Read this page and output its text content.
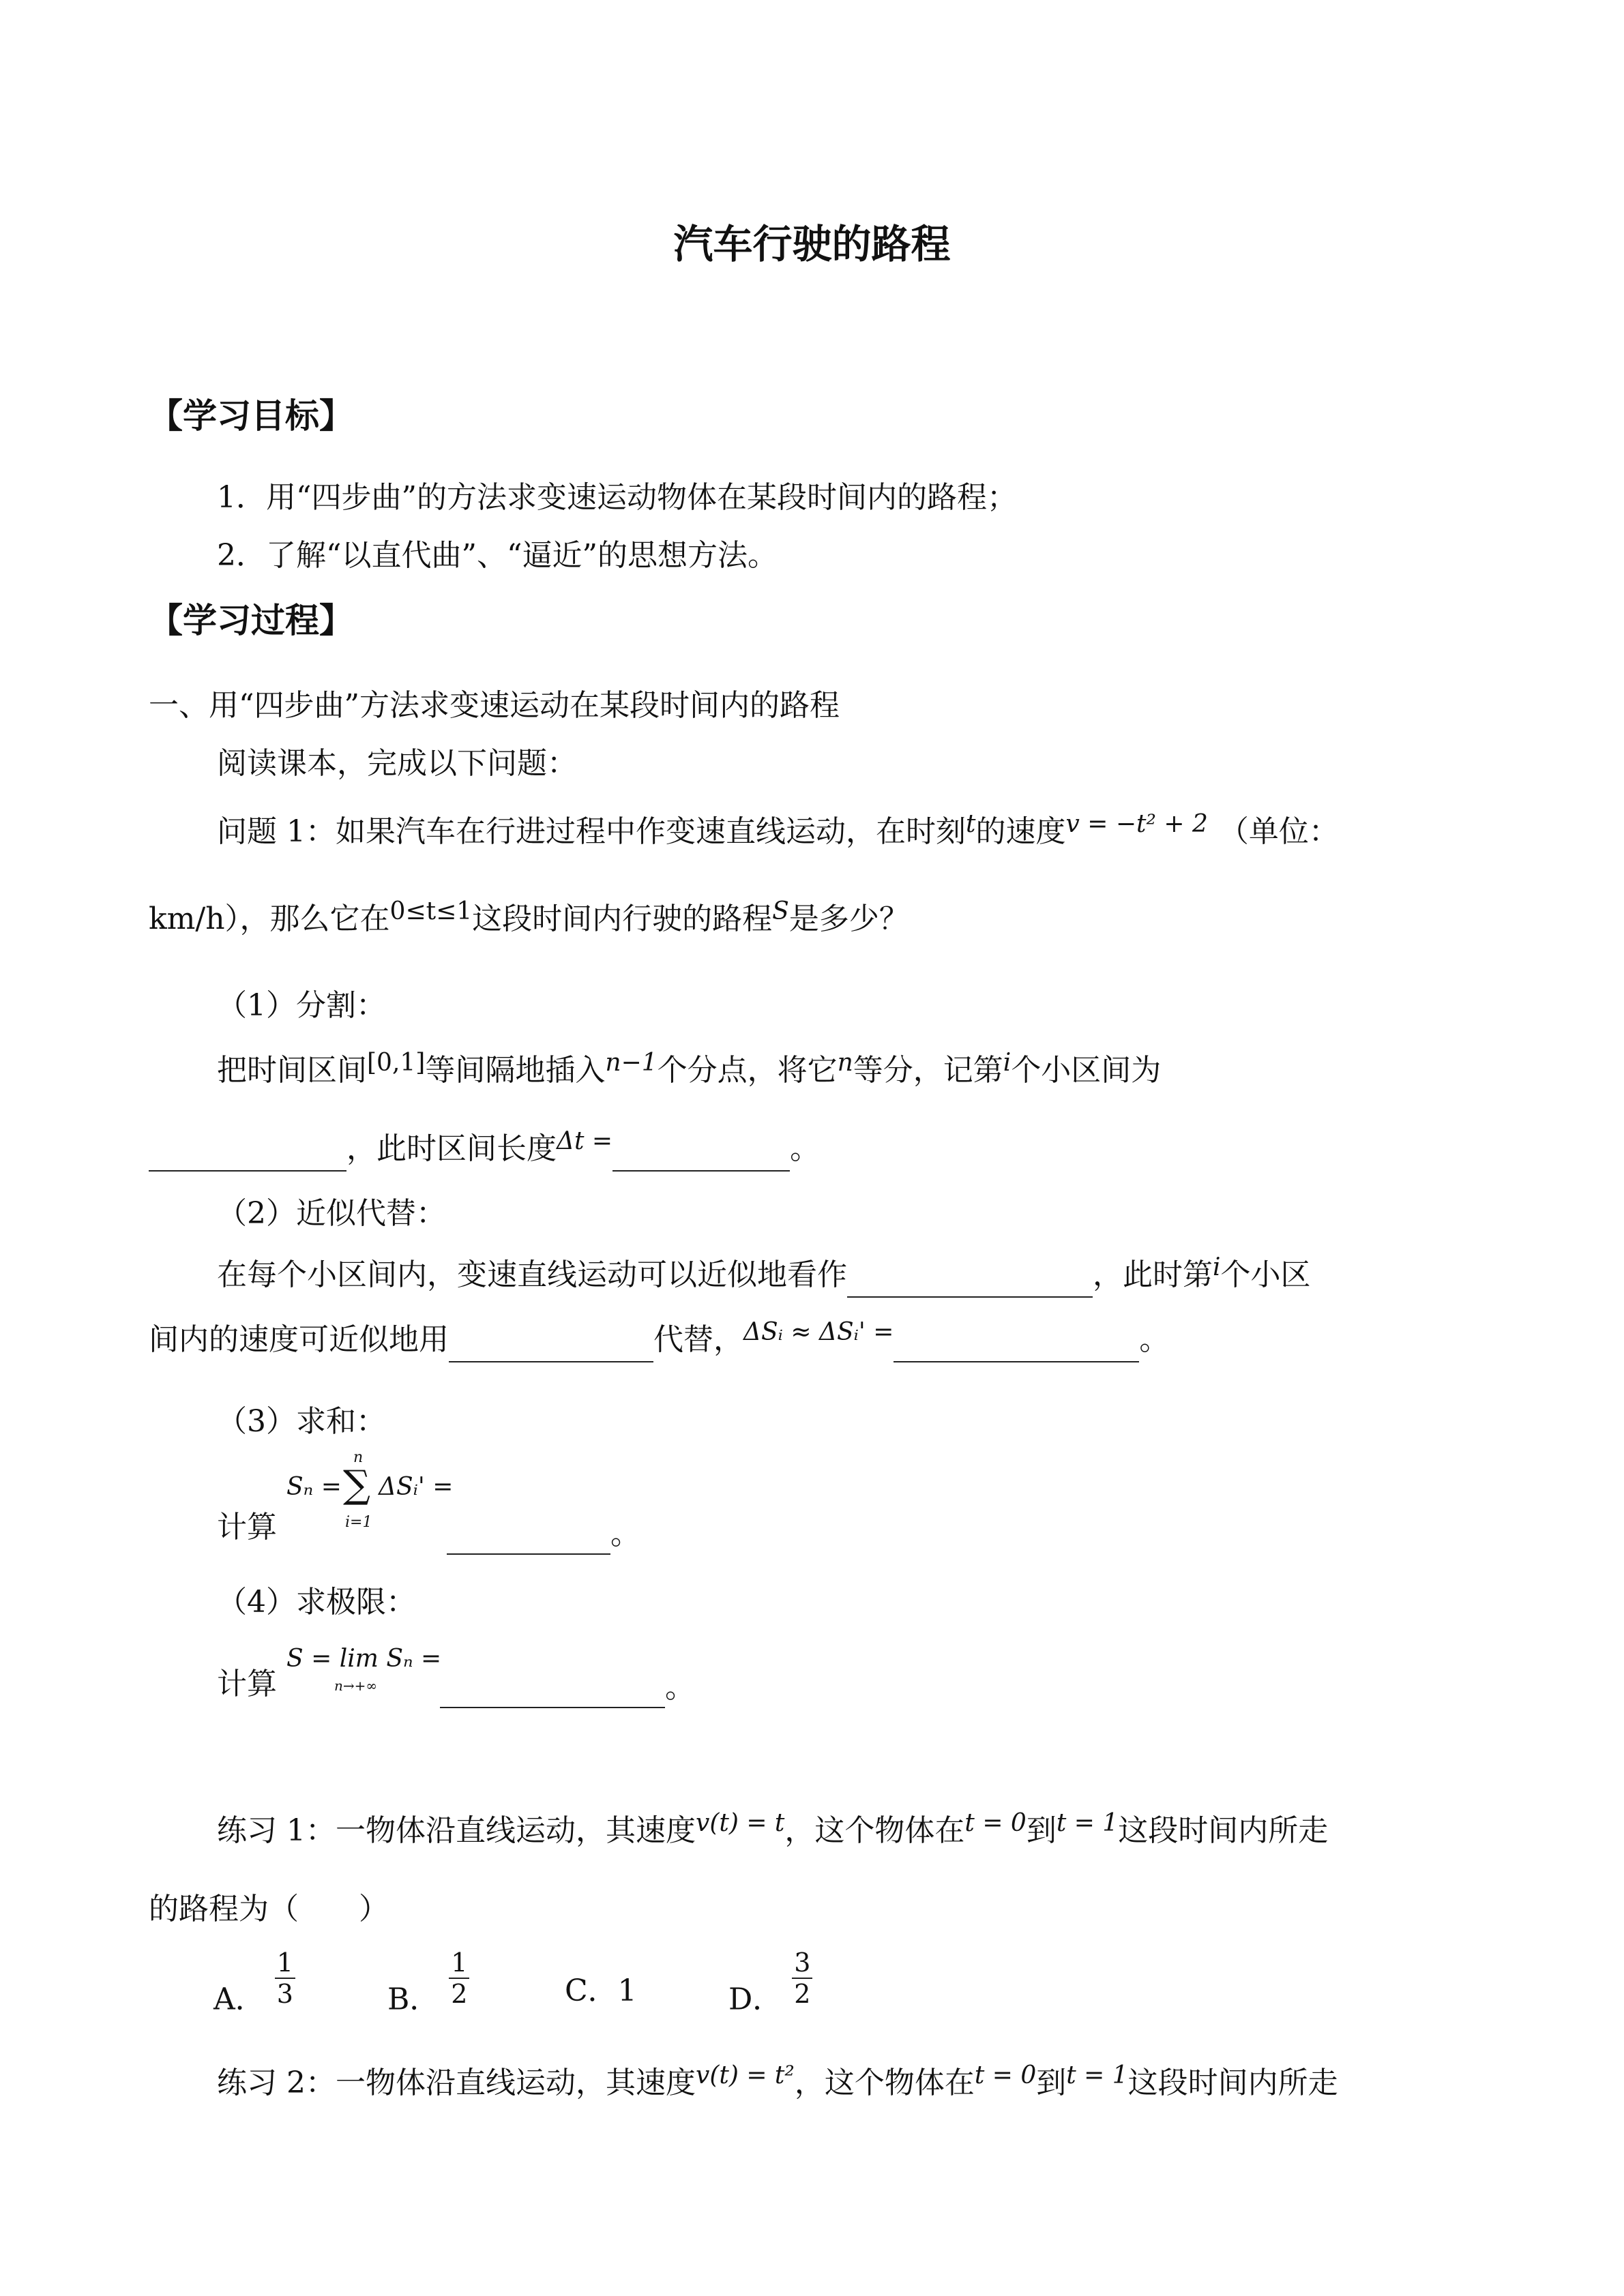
汽车行驶的路程
【学习目标】
1．用“四步曲”的方法求变速运动物体在某段时间内的路程；
2．了解“以直代曲”、“逼近”的思想方法。
【学习过程】
一、用“四步曲”方法求变速运动在某段时间内的路程
阅读课本，完成以下问题：
问题 1：如果汽车在行进过程中作变速直线运动，在时刻$^t$的速度$^{v = -t^2 + 2}$ （单位：
km/h），那么它在$^{0\le t\le 1}$这段时间内行驶的路程$^S$是多少？
（1）分割：
把时间区间[0,1]等间隔地插入$^{n-1}$个分点，将它$^n$等分，记第$^i$个小区间为
，此时区间长度$^{\Delta t =}$	。
（2）近似代替：
在每个小区间内，变速直线运动可以近似地看作	，此时第$^i$个小区
间内的速度可近似地用	代替，$^{\Delta Sᵢ \approx \Delta Sᵢ' =}$	。
（3）求和：
计算
Sₙ = ∑
n
i=1
ΔSᵢ' =
。
（4）求极限：
计算
S = lim Sₙ =
n→+∞	。
练习 1：一物体沿直线运动，其速度$^{v(t) = t}$，这个物体在$^{t = 0}$到$^{t = 1}$这段时间内所走
的路程为（　　）
A． $\frac{1}{3}$	B． $\frac{1}{2}$	C．1	D． $\frac{3}{2}$
练习 2：一物体沿直线运动，其速度$^{v(t) = t^2}$，这个物体在$^{t = 0}$到$^{t = 1}$这段时间内所走
